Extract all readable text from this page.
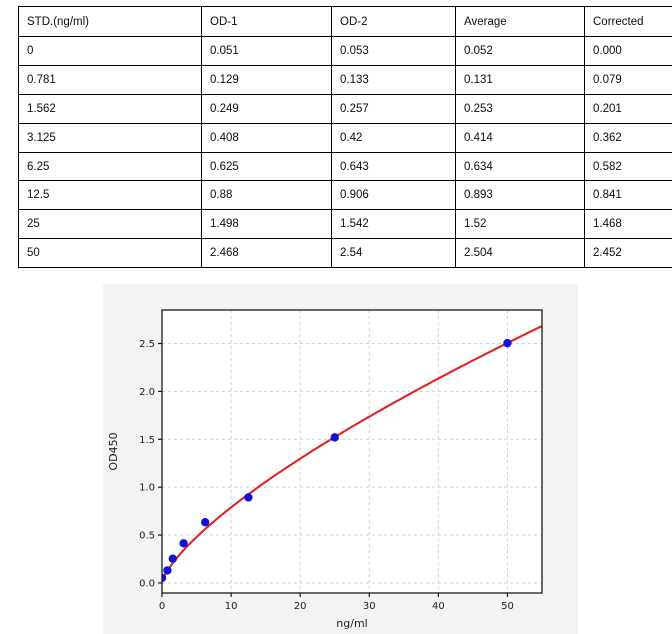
STD.(ng/ml)	OD-1	OD-2	Average	Corrected
0	0.051	0.053	0.052	0.000
0.781	0.129	0.133	0.131	0.079
1.562	0.249	0.257	0.253	0.201
3.125	0.408	0.42	0.414	0.362
6.25	0.625	0.643	0.634	0.582
12.5	0.88	0.906	0.893	0.841
25	1.498	1.542	1.52	1.468
50	2.468	2.54	2.504	2.452
0	10	20	30	40	50
0.0
0.5
1.0
1.5
2.0
2.5
ng/ml
OD450
